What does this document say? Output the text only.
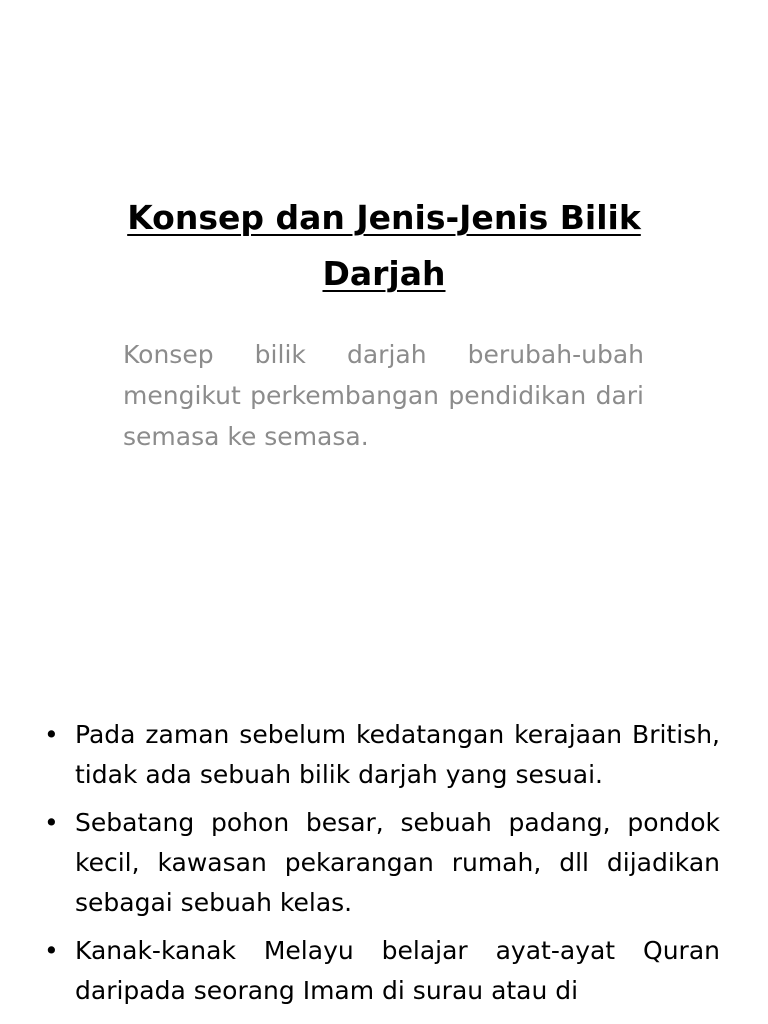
Konsep dan Jenis-Jenis Bilik Darjah

Konsep bilik darjah berubah-ubah mengikut perkembangan pendidikan dari semasa ke semasa.

• Pada zaman sebelum kedatangan kerajaan British, tidak ada sebuah bilik darjah yang sesuai.
• Sebatang pohon besar, sebuah padang, pondok kecil, kawasan pekarangan rumah, dll dijadikan sebagai sebuah kelas.
• Kanak-kanak Melayu belajar ayat-ayat Quran daripada seorang Imam di surau atau di
